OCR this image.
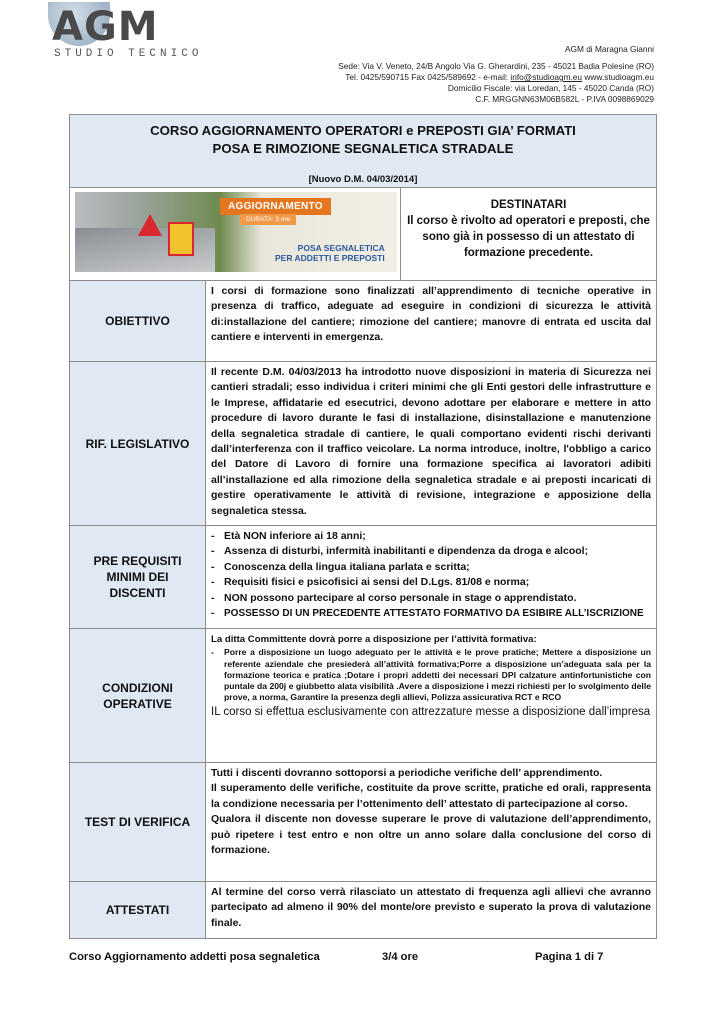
AGM
STUDIO TECNICO	AGM di Maragna Gianni
Sede: Via V. Veneto, 24/B Angolo Via G. Gherardini, 235 - 45021 Badia Polesine (RO)
Tel. 0425/590715 Fax 0425/589692 - e-mail: info@studioagm.eu www.studioagm.eu
Domicilio Fiscale: via Loredan, 145 - 45020 Canda (RO)
C.F. MRGGNN63M06B582L - P.IVA 0098869029
CORSO AGGIORNAMENTO OPERATORI e PREPOSTI GIA’ FORMATI
POSA E RIMOZIONE SEGNALETICA STRADALE
[Nuovo D.M. 04/03/2014]
AGGIORNAMENTO
DURATA: 3 ore
POSA SEGNALETICA
PER ADDETTI E PREPOSTI
DESTINATARI
Il corso è rivolto ad operatori e preposti, che sono già in possesso di un attestato di formazione precedente.
OBIETTIVO
I corsi di formazione sono finalizzati all’apprendimento di tecniche operative in presenza di traffico, adeguate ad eseguire in condizioni di sicurezza le attività di:installazione del cantiere; rimozione del cantiere; manovre di entrata ed uscita dal cantiere e interventi in emergenza.
RIF. LEGISLATIVO
Il recente D.M. 04/03/2013 ha introdotto nuove disposizioni in materia di Sicurezza nei cantieri stradali; esso individua i criteri minimi che gli Enti gestori delle infrastrutture e le Imprese, affidatarie ed esecutrici, devono adottare per elaborare e mettere in atto procedure di lavoro durante le fasi di installazione, disinstallazione e manutenzione della segnaletica stradale di cantiere, le quali comportano evidenti rischi derivanti dall’interferenza con il traffico veicolare. La norma introduce, inoltre, l'obbligo a carico del Datore di Lavoro di fornire una formazione specifica ai lavoratori adibiti all’installazione ed alla rimozione della segnaletica stradale e ai preposti incaricati di gestire operativamente le attività di revisione, integrazione e apposizione della segnaletica stessa.
PRE REQUISITI MINIMI DEI DISCENTI
- Età NON inferiore ai 18 anni;
- Assenza di disturbi, infermità inabilitanti e dipendenza da droga e alcool;
- Conoscenza della lingua italiana parlata e scritta;
- Requisiti fisici e psicofisici ai sensi del D.Lgs. 81/08 e norma;
- NON possono partecipare al corso personale in stage o apprendistato.
- POSSESSO DI UN PRECEDENTE ATTESTATO FORMATIVO DA ESIBIRE ALL’ISCRIZIONE
CONDIZIONI OPERATIVE
La ditta Committente dovrà porre a disposizione per l’attività formativa:
- Porre a disposizione un luogo adeguato per le attività e le prove pratiche; Mettere a disposizione un referente aziendale che presiederà all’attività formativa;Porre a disposizione un’adeguata sala per la formazione teorica e pratica ;Dotare i propri addetti dei necessari DPI calzature antinfortunistiche con puntale da 200j e giubbetto alata visibilità .Avere a disposizione i mezzi richiesti per lo svolgimento delle prove, a norma, Garantire la presenza degli allievi, Polizza assicurativa RCT e RCO
IL corso si effettua esclusivamente con attrezzature messe a disposizione dall’impresa
TEST DI VERIFICA
Tutti i discenti dovranno sottoporsi a periodiche verifiche dell’ apprendimento.
Il superamento delle verifiche, costituite da prove scritte, pratiche ed orali, rappresenta la condizione necessaria per l’ottenimento dell’ attestato di partecipazione al corso.
Qualora il discente non dovesse superare le prove di valutazione dell’apprendimento, può ripetere i test entro e non oltre un anno solare dalla conclusione del corso di formazione.
ATTESTATI
Al termine del corso verrà rilasciato un attestato di frequenza agli allievi che avranno partecipato ad almeno il 90% del monte/ore previsto e superato la prova di valutazione finale.
Corso Aggiornamento addetti posa segnaletica	3/4 ore	Pagina 1 di 7
